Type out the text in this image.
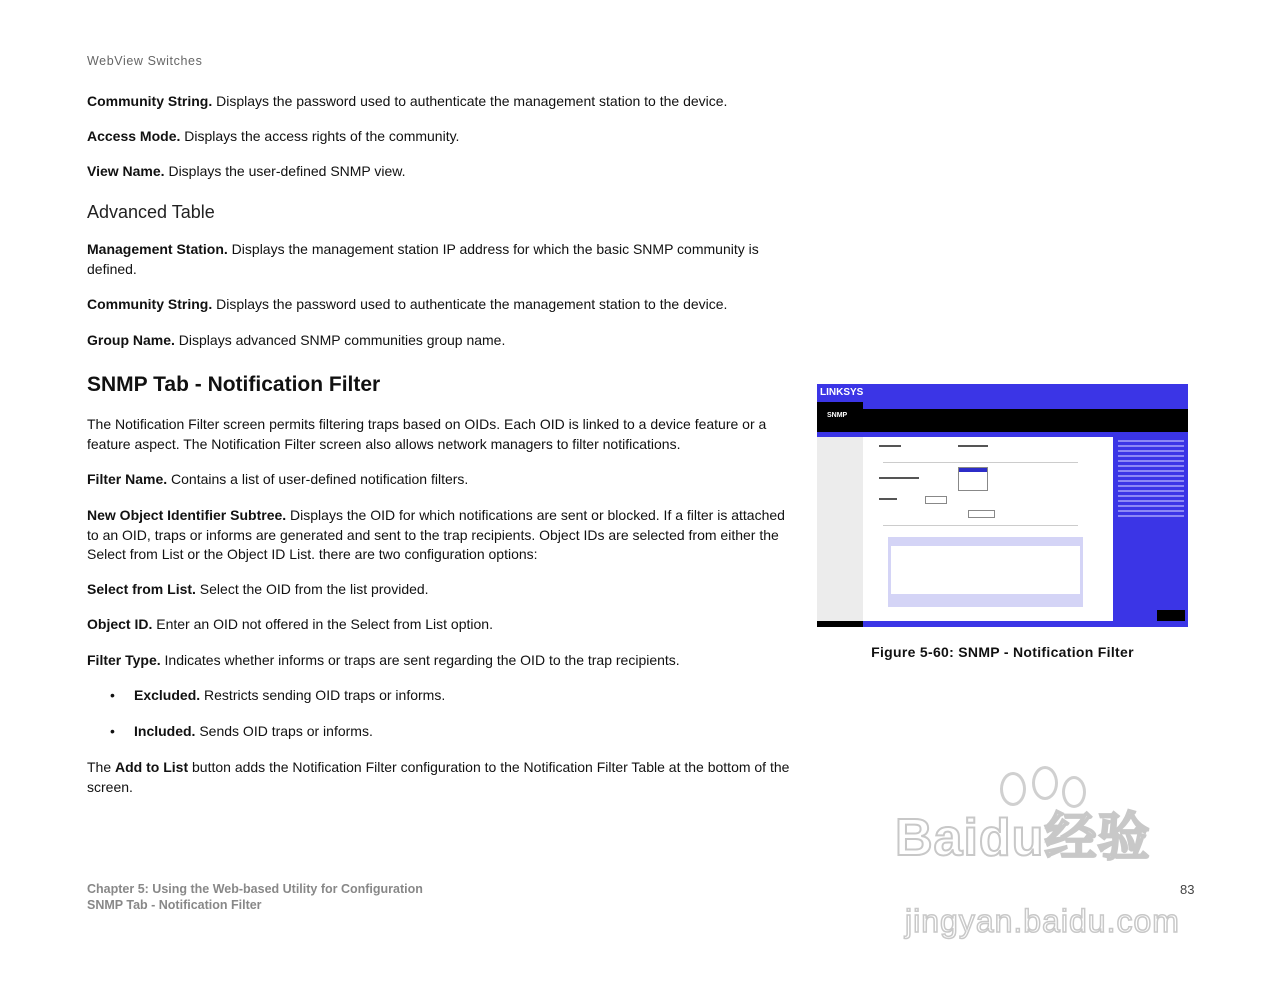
WebView Switches
Community String. Displays the password used to authenticate the management station to the device.
Access Mode. Displays the access rights of the community.
View Name. Displays the user-defined SNMP view.
Advanced Table
Management Station. Displays the management station IP address for which the basic SNMP community is defined.
Community String. Displays the password used to authenticate the management station to the device.
Group Name. Displays advanced SNMP communities group name.
SNMP Tab - Notification Filter
The Notification Filter screen permits filtering traps based on OIDs. Each OID is linked to a device feature or a feature aspect. The Notification Filter screen also allows network managers to filter notifications.
Filter Name. Contains a list of user-defined notification filters.
New Object Identifier Subtree. Displays the OID for which notifications are sent or blocked. If a filter is attached to an OID, traps or informs are generated and sent to the trap recipients. Object IDs are selected from either the Select from List or the Object ID List. there are two configuration options:
Select from List. Select the OID from the list provided.
Object ID. Enter an OID not offered in the Select from List option.
Filter Type. Indicates whether informs or traps are sent regarding the OID to the trap recipients.
• Excluded. Restricts sending OID traps or informs.
• Included. Sends OID traps or informs.
The Add to List button adds the Notification Filter configuration to the Notification Filter Table at the bottom of the screen.
LINKSYS
SNMP
Figure 5-60: SNMP - Notification Filter
Baidu经验
jingyan.baidu.com
Chapter 5: Using the Web-based Utility for Configuration
SNMP Tab - Notification Filter
83
